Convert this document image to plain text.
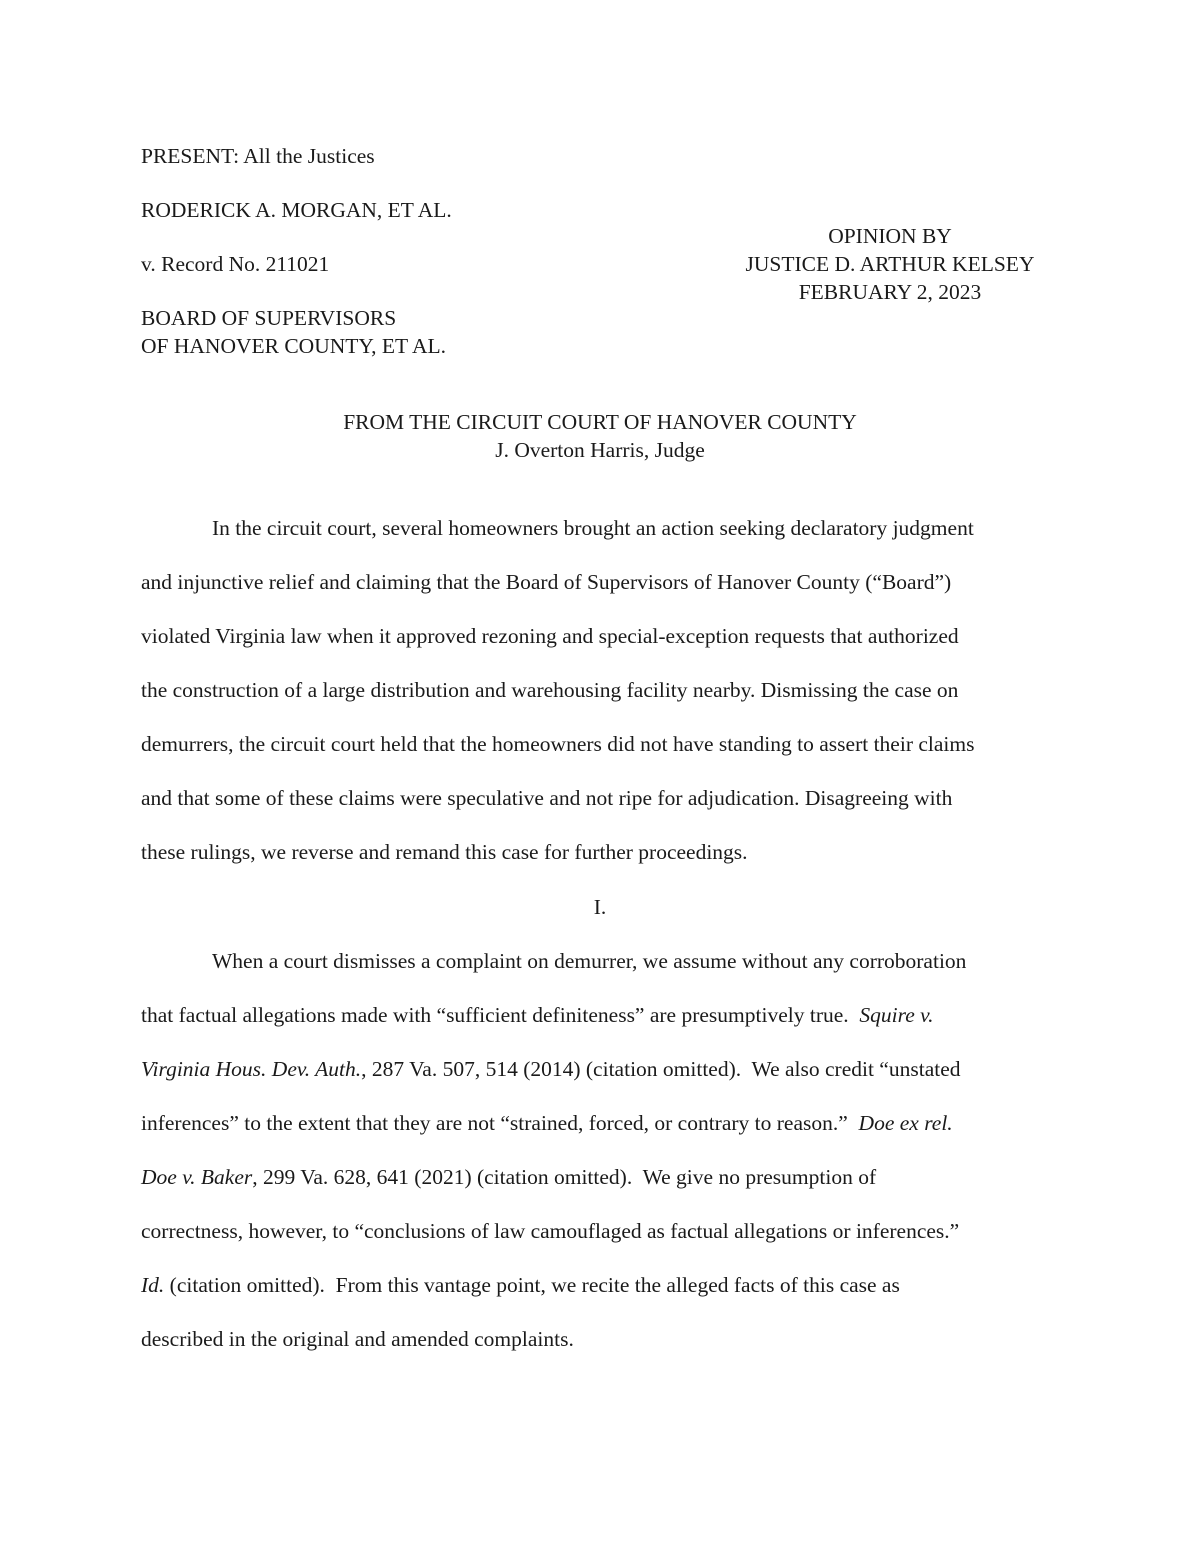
PRESENT: All the Justices
RODERICK A. MORGAN, ET AL.
v. Record No. 211021
BOARD OF SUPERVISORS
OF HANOVER COUNTY, ET AL.
OPINION BY
JUSTICE D. ARTHUR KELSEY
FEBRUARY 2, 2023
FROM THE CIRCUIT COURT OF HANOVER COUNTY
J. Overton Harris, Judge
In the circuit court, several homeowners brought an action seeking declaratory judgment
and injunctive relief and claiming that the Board of Supervisors of Hanover County (“Board”)
violated Virginia law when it approved rezoning and special-exception requests that authorized
the construction of a large distribution and warehousing facility nearby. Dismissing the case on
demurrers, the circuit court held that the homeowners did not have standing to assert their claims
and that some of these claims were speculative and not ripe for adjudication. Disagreeing with
these rulings, we reverse and remand this case for further proceedings.
I.
When a court dismisses a complaint on demurrer, we assume without any corroboration
that factual allegations made with “sufficient definiteness” are presumptively true.  Squire v.
Virginia Hous. Dev. Auth., 287 Va. 507, 514 (2014) (citation omitted).  We also credit “unstated
inferences” to the extent that they are not “strained, forced, or contrary to reason.”  Doe ex rel.
Doe v. Baker, 299 Va. 628, 641 (2021) (citation omitted).  We give no presumption of
correctness, however, to “conclusions of law camouflaged as factual allegations or inferences.”
Id. (citation omitted).  From this vantage point, we recite the alleged facts of this case as
described in the original and amended complaints.
